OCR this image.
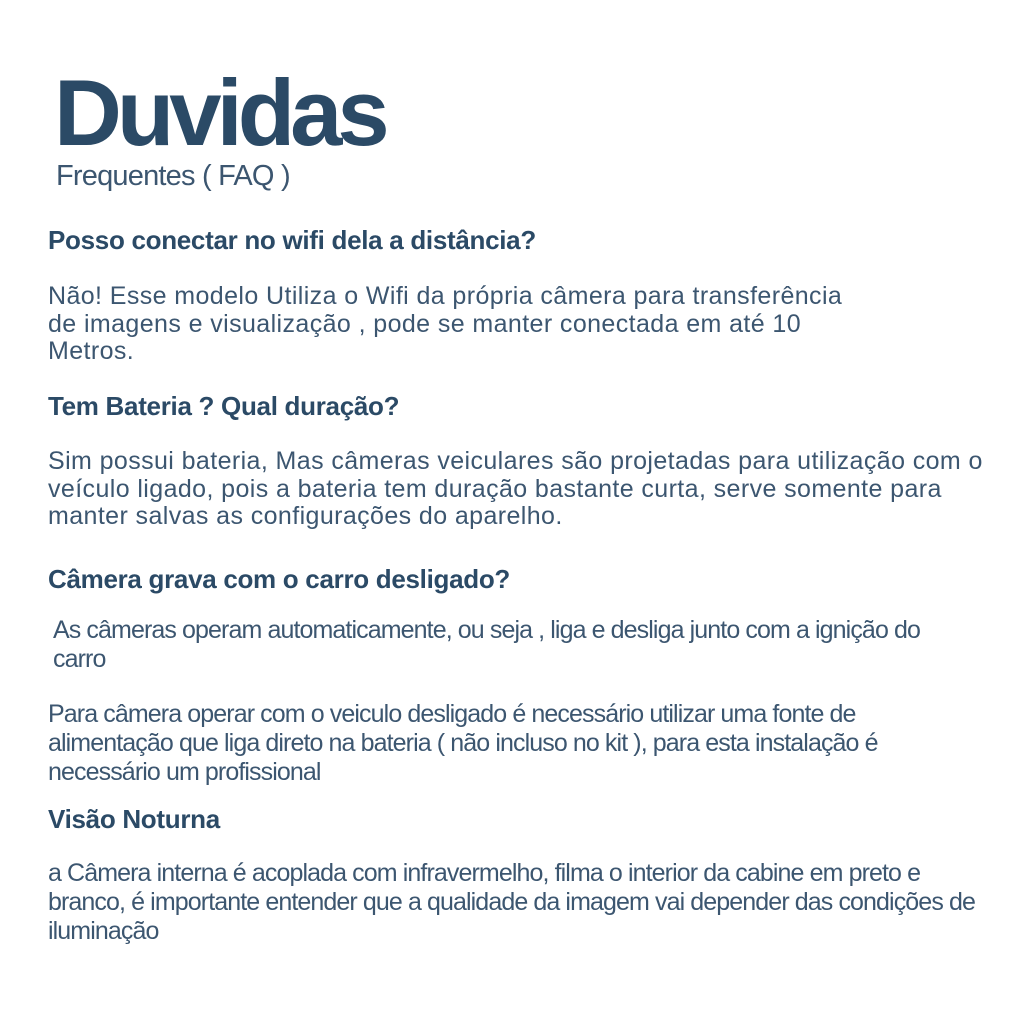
Duvidas
Frequentes ( FAQ )
Posso conectar no wifi dela a distância?

Não! Esse modelo Utiliza o Wifi da própria câmera para transferência de imagens e visualização , pode se manter conectada em até 10 Metros.

Tem Bateria ? Qual duração?

Sim possui bateria, Mas câmeras veiculares são projetadas para utilização com o veículo ligado, pois a bateria tem duração bastante curta, serve somente para manter salvas as configurações do aparelho.

Câmera grava com o carro desligado?

As câmeras operam automaticamente, ou seja , liga e desliga junto com a ignição do carro

Para câmera operar com o veiculo desligado é necessário utilizar uma fonte de alimentação que liga direto na bateria ( não incluso no kit ), para esta instalação é necessário um profissional

Visão Noturna

a Câmera interna é acoplada com infravermelho, filma o interior da cabine em preto e branco, é importante entender que a qualidade da imagem vai depender das condições de iluminação
